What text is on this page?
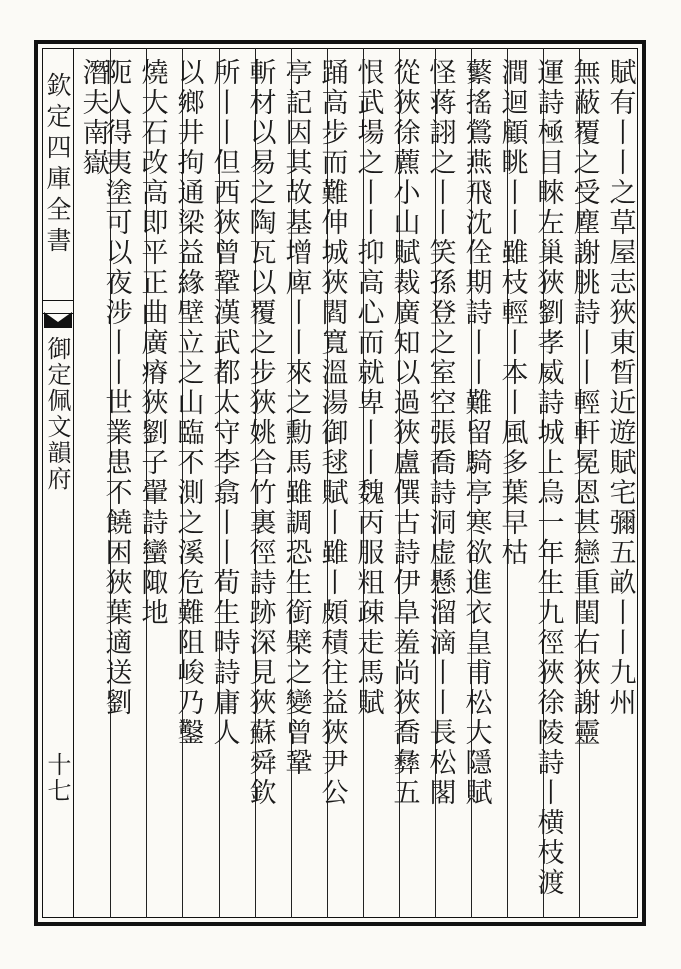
欽定四庫全書
御定佩文韻府
十七
賦有丨丨之草屋志狹東晳近遊賦宅彌五畝丨丨九州
無蔽覆之受塵謝朓詩丨丨輕軒冕恩甚戀重閨右狹謝靈
運詩極目睞左巢狹劉孝威詩城上烏一年生九徑狹徐陵詩丨横枝渡
澗迴顧眺丨丨雖枝輕丨本丨風多葉早枯
蘩搖鶯燕飛沈佺期詩丨丨難留騎亭寒欲進衣皇甫松大隱賦
怪蒋詡之丨丨笑孫登之室空張喬詩洞虚懸溜滴丨丨長松閣
從狹徐藨小山賦裁廣知以過狹盧僎古詩伊阜羞尚狹喬彝五
恨武場之丨丨抑高心而就卑丨丨魏丙服粗疎走馬賦
踊高步而難伸城狹閻寬溫湯御毬賦丨雖丨頗積往益狹尹公
亭記因其故基增庳丨丨來之勳馬雖調恐生銜檗之變曾鞏
斬材以易之陶瓦以覆之步狹姚合竹裏徑詩跡深見狹蘇舜欽
所丨丨但西狹曾鞏漢武都太守李翕丨丨荀生時詩庸人
以鄉井拘通梁益緣壁立之山臨不測之溪危難阻峻乃鑿
燒大石改高即平正曲廣瘠狹劉子翬詩蠻陬地
阨人得夷塗可以夜涉丨丨世業患不饒困狹葉適送劉
潛夫南嶽
